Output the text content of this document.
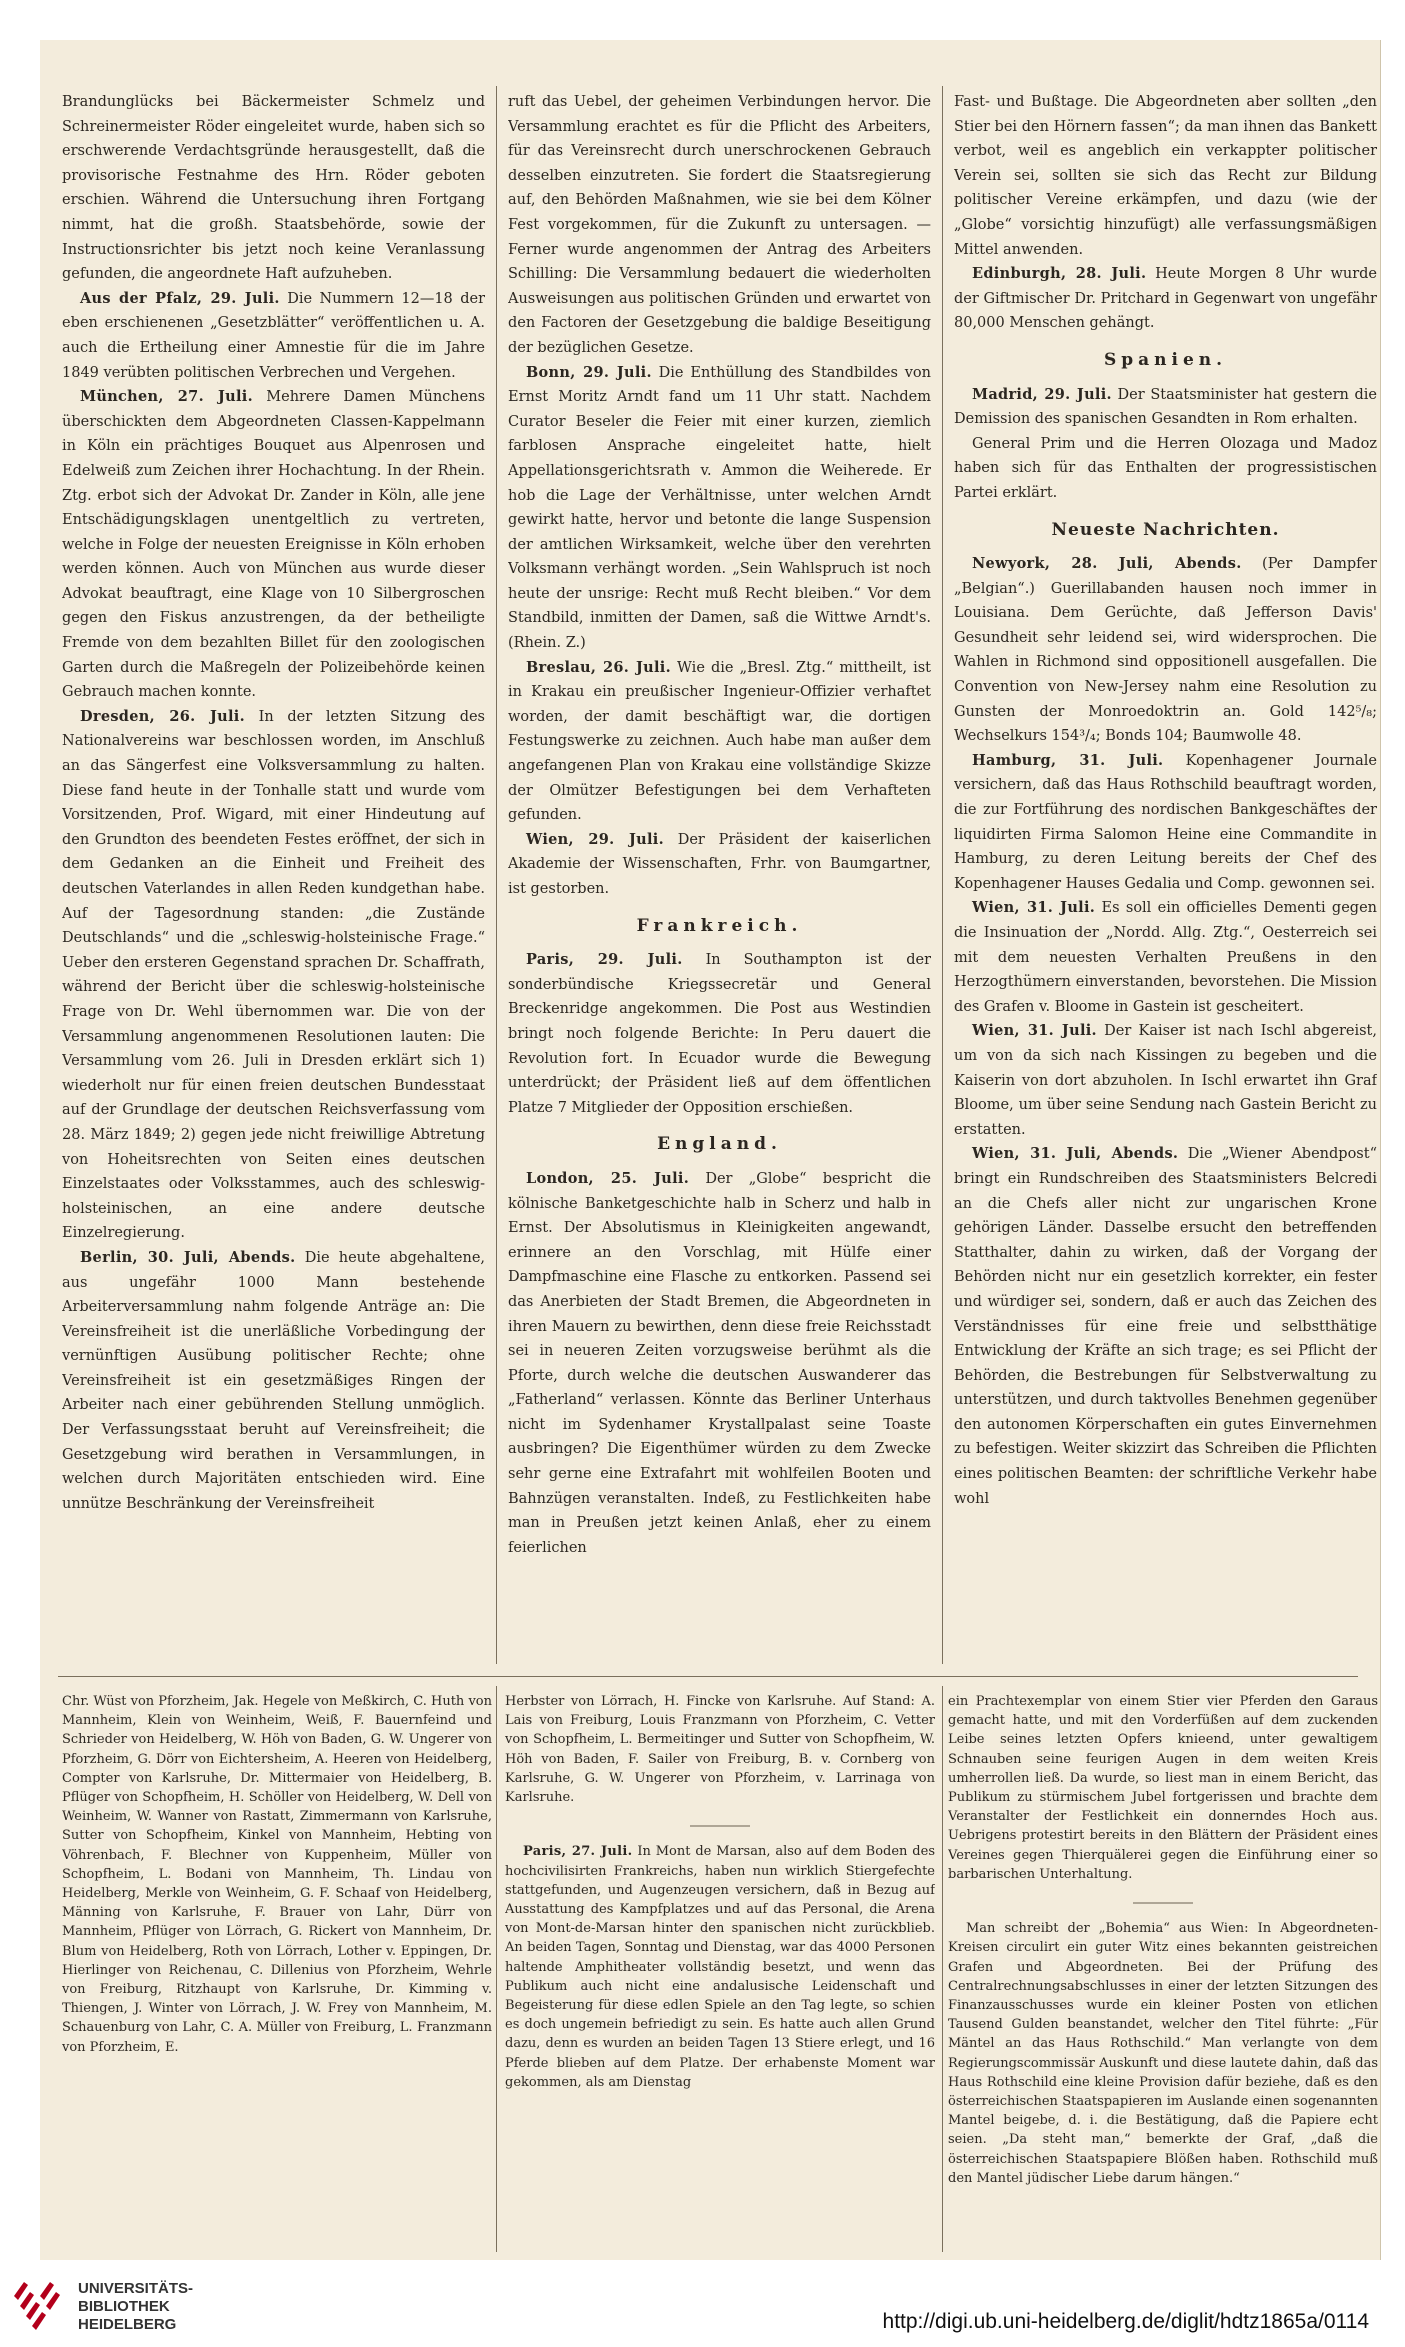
Brandunglücks bei Bäckermeister Schmelz und Schreinermeister Röder eingeleitet wurde, haben sich so erschwerende Verdachtsgründe herausgestellt, daß die provisorische Festnahme des Hrn. Röder geboten erschien. Während die Untersuchung ihren Fortgang nimmt, hat die großh. Staatsbehörde, sowie der Instructionsrichter bis jetzt noch keine Veranlassung gefunden, die angeordnete Haft aufzuheben.

Aus der Pfalz, 29. Juli. Die Nummern 12—18 der eben erschienenen „Gesetzblätter“ veröffentlichen u. A. auch die Ertheilung einer Amnestie für die im Jahre 1849 verübten politischen Verbrechen und Vergehen.

München, 27. Juli. Mehrere Damen Münchens überschickten dem Abgeordneten Classen-Kappelmann in Köln ein prächtiges Bouquet aus Alpenrosen und Edelweiß zum Zeichen ihrer Hochachtung. In der Rhein. Ztg. erbot sich der Advokat Dr. Zander in Köln, alle jene Entschädigungsklagen unentgeltlich zu vertreten, welche in Folge der neuesten Ereignisse in Köln erhoben werden können. Auch von München aus wurde dieser Advokat beauftragt, eine Klage von 10 Silbergroschen gegen den Fiskus anzustrengen, da der betheiligte Fremde von dem bezahlten Billet für den zoologischen Garten durch die Maßregeln der Polizeibehörde keinen Gebrauch machen konnte.

Dresden, 26. Juli. In der letzten Sitzung des Nationalvereins war beschlossen worden, im Anschluß an das Sängerfest eine Volksversammlung zu halten. Diese fand heute in der Tonhalle statt und wurde vom Vorsitzenden, Prof. Wigard, mit einer Hindeutung auf den Grundton des beendeten Festes eröffnet, der sich in dem Gedanken an die Einheit und Freiheit des deutschen Vaterlandes in allen Reden kundgethan habe. Auf der Tagesordnung standen: „die Zustände Deutschlands“ und die „schleswig-holsteinische Frage.“ Ueber den ersteren Gegenstand sprachen Dr. Schaffrath, während der Bericht über die schleswig-holsteinische Frage von Dr. Wehl übernommen war. Die von der Versammlung angenommenen Resolutionen lauten: Die Versammlung vom 26. Juli in Dresden erklärt sich 1) wiederholt nur für einen freien deutschen Bundesstaat auf der Grundlage der deutschen Reichsverfassung vom 28. März 1849; 2) gegen jede nicht freiwillige Abtretung von Hoheitsrechten von Seiten eines deutschen Einzelstaates oder Volksstammes, auch des schleswig-holsteinischen, an eine andere deutsche Einzelregierung.

Berlin, 30. Juli, Abends. Die heute abgehaltene, aus ungefähr 1000 Mann bestehende Arbeiterversammlung nahm folgende Anträge an: Die Vereinsfreiheit ist die unerläßliche Vorbedingung der vernünftigen Ausübung politischer Rechte; ohne Vereinsfreiheit ist ein gesetzmäßiges Ringen der Arbeiter nach einer gebührenden Stellung unmöglich. Der Verfassungsstaat beruht auf Vereinsfreiheit; die Gesetzgebung wird berathen in Versammlungen, in welchen durch Majoritäten entschieden wird. Eine unnütze Beschränkung der Vereinsfreiheit

ruft das Uebel, der geheimen Verbindungen hervor. Die Versammlung erachtet es für die Pflicht des Arbeiters, für das Vereinsrecht durch unerschrockenen Gebrauch desselben einzutreten. Sie fordert die Staatsregierung auf, den Behörden Maßnahmen, wie sie bei dem Kölner Fest vorgekommen, für die Zukunft zu untersagen. — Ferner wurde angenommen der Antrag des Arbeiters Schilling: Die Versammlung bedauert die wiederholten Ausweisungen aus politischen Gründen und erwartet von den Factoren der Gesetzgebung die baldige Beseitigung der bezüglichen Gesetze.

Bonn, 29. Juli. Die Enthüllung des Standbildes von Ernst Moritz Arndt fand um 11 Uhr statt. Nachdem Curator Beseler die Feier mit einer kurzen, ziemlich farblosen Ansprache eingeleitet hatte, hielt Appellationsgerichtsrath v. Ammon die Weiherede. Er hob die Lage der Verhältnisse, unter welchen Arndt gewirkt hatte, hervor und betonte die lange Suspension der amtlichen Wirksamkeit, welche über den verehrten Volksmann verhängt worden. „Sein Wahlspruch ist noch heute der unsrige: Recht muß Recht bleiben.“ Vor dem Standbild, inmitten der Damen, saß die Wittwe Arndt's. (Rhein. Z.)

Breslau, 26. Juli. Wie die „Bresl. Ztg.“ mittheilt, ist in Krakau ein preußischer Ingenieur-Offizier verhaftet worden, der damit beschäftigt war, die dortigen Festungswerke zu zeichnen. Auch habe man außer dem angefangenen Plan von Krakau eine vollständige Skizze der Olmützer Befestigungen bei dem Verhafteten gefunden.

Wien, 29. Juli. Der Präsident der kaiserlichen Akademie der Wissenschaften, Frhr. von Baumgartner, ist gestorben.

Frankreich.

Paris, 29. Juli. In Southampton ist der sonderbündische Kriegssecretär und General Breckenridge angekommen. Die Post aus Westindien bringt noch folgende Berichte: In Peru dauert die Revolution fort. In Ecuador wurde die Bewegung unterdrückt; der Präsident ließ auf dem öffentlichen Platze 7 Mitglieder der Opposition erschießen.

England.

London, 25. Juli. Der „Globe“ bespricht die kölnische Banketgeschichte halb in Scherz und halb in Ernst. Der Absolutismus in Kleinigkeiten angewandt, erinnere an den Vorschlag, mit Hülfe einer Dampfmaschine eine Flasche zu entkorken. Passend sei das Anerbieten der Stadt Bremen, die Abgeordneten in ihren Mauern zu bewirthen, denn diese freie Reichsstadt sei in neueren Zeiten vorzugsweise berühmt als die Pforte, durch welche die deutschen Auswanderer das „Fatherland“ verlassen. Könnte das Berliner Unterhaus nicht im Sydenhamer Krystallpalast seine Toaste ausbringen? Die Eigenthümer würden zu dem Zwecke sehr gerne eine Extrafahrt mit wohlfeilen Booten und Bahnzügen veranstalten. Indeß, zu Festlichkeiten habe man in Preußen jetzt keinen Anlaß, eher zu einem feierlichen

Fast- und Bußtage. Die Abgeordneten aber sollten „den Stier bei den Hörnern fassen“; da man ihnen das Bankett verbot, weil es angeblich ein verkappter politischer Verein sei, sollten sie sich das Recht zur Bildung politischer Vereine erkämpfen, und dazu (wie der „Globe“ vorsichtig hinzufügt) alle verfassungsmäßigen Mittel anwenden.

Edinburgh, 28. Juli. Heute Morgen 8 Uhr wurde der Giftmischer Dr. Pritchard in Gegenwart von ungefähr 80,000 Menschen gehängt.

Spanien.

Madrid, 29. Juli. Der Staatsminister hat gestern die Demission des spanischen Gesandten in Rom erhalten.

General Prim und die Herren Olozaga und Madoz haben sich für das Enthalten der progressistischen Partei erklärt.

Neueste Nachrichten.

Newyork, 28. Juli, Abends. (Per Dampfer „Belgian“.) Guerillabanden hausen noch immer in Louisiana. Dem Gerüchte, daß Jefferson Davis' Gesundheit sehr leidend sei, wird widersprochen. Die Wahlen in Richmond sind oppositionell ausgefallen. Die Convention von New-Jersey nahm eine Resolution zu Gunsten der Monroedoktrin an. Gold 142⁵/₈; Wechselkurs 154³/₄; Bonds 104; Baumwolle 48.

Hamburg, 31. Juli. Kopenhagener Journale versichern, daß das Haus Rothschild beauftragt worden, die zur Fortführung des nordischen Bankgeschäftes der liquidirten Firma Salomon Heine eine Commandite in Hamburg, zu deren Leitung bereits der Chef des Kopenhagener Hauses Gedalia und Comp. gewonnen sei.

Wien, 31. Juli. Es soll ein officielles Dementi gegen die Insinuation der „Nordd. Allg. Ztg.“, Oesterreich sei mit dem neuesten Verhalten Preußens in den Herzogthümern einverstanden, bevorstehen. Die Mission des Grafen v. Bloome in Gastein ist gescheitert.

Wien, 31. Juli. Der Kaiser ist nach Ischl abgereist, um von da sich nach Kissingen zu begeben und die Kaiserin von dort abzuholen. In Ischl erwartet ihn Graf Bloome, um über seine Sendung nach Gastein Bericht zu erstatten.

Wien, 31. Juli, Abends. Die „Wiener Abendpost“ bringt ein Rundschreiben des Staatsministers Belcredi an die Chefs aller nicht zur ungarischen Krone gehörigen Länder. Dasselbe ersucht den betreffenden Statthalter, dahin zu wirken, daß der Vorgang der Behörden nicht nur ein gesetzlich korrekter, ein fester und würdiger sei, sondern, daß er auch das Zeichen des Verständnisses für eine freie und selbstthätige Entwicklung der Kräfte an sich trage; es sei Pflicht der Behörden, die Bestrebungen für Selbstverwaltung zu unterstützen, und durch taktvolles Benehmen gegenüber den autonomen Körperschaften ein gutes Einvernehmen zu befestigen. Weiter skizzirt das Schreiben die Pflichten eines politischen Beamten: der schriftliche Verkehr habe wohl

Chr. Wüst von Pforzheim, Jak. Hegele von Meßkirch, C. Huth von Mannheim, Klein von Weinheim, Weiß, F. Bauernfeind und Schrieder von Heidelberg, W. Höh von Baden, G. W. Ungerer von Pforzheim, G. Dörr von Eichtersheim, A. Heeren von Heidelberg, Compter von Karlsruhe, Dr. Mittermaier von Heidelberg, B. Pflüger von Schopfheim, H. Schöller von Heidelberg, W. Dell von Weinheim, W. Wanner von Rastatt, Zimmermann von Karlsruhe, Sutter von Schopfheim, Kinkel von Mannheim, Hebting von Vöhrenbach, F. Blechner von Kuppenheim, Müller von Schopfheim, L. Bodani von Mannheim, Th. Lindau von Heidelberg, Merkle von Weinheim, G. F. Schaaf von Heidelberg, Männing von Karlsruhe, F. Brauer von Lahr, Dürr von Mannheim, Pflüger von Lörrach, G. Rickert von Mannheim, Dr. Blum von Heidelberg, Roth von Lörrach, Lother v. Eppingen, Dr. Hierlinger von Reichenau, C. Dillenius von Pforzheim, Wehrle von Freiburg, Ritzhaupt von Karlsruhe, Dr. Kimming v. Thiengen, J. Winter von Lörrach, J. W. Frey von Mannheim, M. Schauenburg von Lahr, C. A. Müller von Freiburg, L. Franzmann von Pforzheim, E.

Herbster von Lörrach, H. Fincke von Karlsruhe. Auf Stand: A. Lais von Freiburg, Louis Franzmann von Pforzheim, C. Vetter von Schopfheim, L. Bermeitinger und Sutter von Schopfheim, W. Höh von Baden, F. Sailer von Freiburg, B. v. Cornberg von Karlsruhe, G. W. Ungerer von Pforzheim, v. Larrinaga von Karlsruhe.

Paris, 27. Juli. In Mont de Marsan, also auf dem Boden des hochcivilisirten Frankreichs, haben nun wirklich Stiergefechte stattgefunden, und Augenzeugen versichern, daß in Bezug auf Ausstattung des Kampfplatzes und auf das Personal, die Arena von Mont-de-Marsan hinter den spanischen nicht zurückblieb. An beiden Tagen, Sonntag und Dienstag, war das 4000 Personen haltende Amphitheater vollständig besetzt, und wenn das Publikum auch nicht eine andalusische Leidenschaft und Begeisterung für diese edlen Spiele an den Tag legte, so schien es doch ungemein befriedigt zu sein. Es hatte auch allen Grund dazu, denn es wurden an beiden Tagen 13 Stiere erlegt, und 16 Pferde blieben auf dem Platze. Der erhabenste Moment war gekommen, als am Dienstag

ein Prachtexemplar von einem Stier vier Pferden den Garaus gemacht hatte, und mit den Vorderfüßen auf dem zuckenden Leibe seines letzten Opfers knieend, unter gewaltigem Schnauben seine feurigen Augen in dem weiten Kreis umherrollen ließ. Da wurde, so liest man in einem Bericht, das Publikum zu stürmischem Jubel fortgerissen und brachte dem Veranstalter der Festlichkeit ein donnerndes Hoch aus. Uebrigens protestirt bereits in den Blättern der Präsident eines Vereines gegen Thierquälerei gegen die Einführung einer so barbarischen Unterhaltung.

Man schreibt der „Bohemia“ aus Wien: In Abgeordneten-Kreisen circulirt ein guter Witz eines bekannten geistreichen Grafen und Abgeordneten. Bei der Prüfung des Centralrechnungsabschlusses in einer der letzten Sitzungen des Finanzausschusses wurde ein kleiner Posten von etlichen Tausend Gulden beanstandet, welcher den Titel führte: „Für Mäntel an das Haus Rothschild.“ Man verlangte von dem Regierungscommissär Auskunft und diese lautete dahin, daß das Haus Rothschild eine kleine Provision dafür beziehe, daß es den österreichischen Staatspapieren im Auslande einen sogenannten Mantel beigebe, d. i. die Bestätigung, daß die Papiere echt seien. „Da steht man,“ bemerkte der Graf, „daß die österreichischen Staatspapiere Blößen haben. Rothschild muß den Mantel jüdischer Liebe darum hängen.“

UNIVERSITÄTS-
BIBLIOTHEK
HEIDELBERG	http://digi.ub.uni-heidelberg.de/diglit/hdtz1865a/0114
